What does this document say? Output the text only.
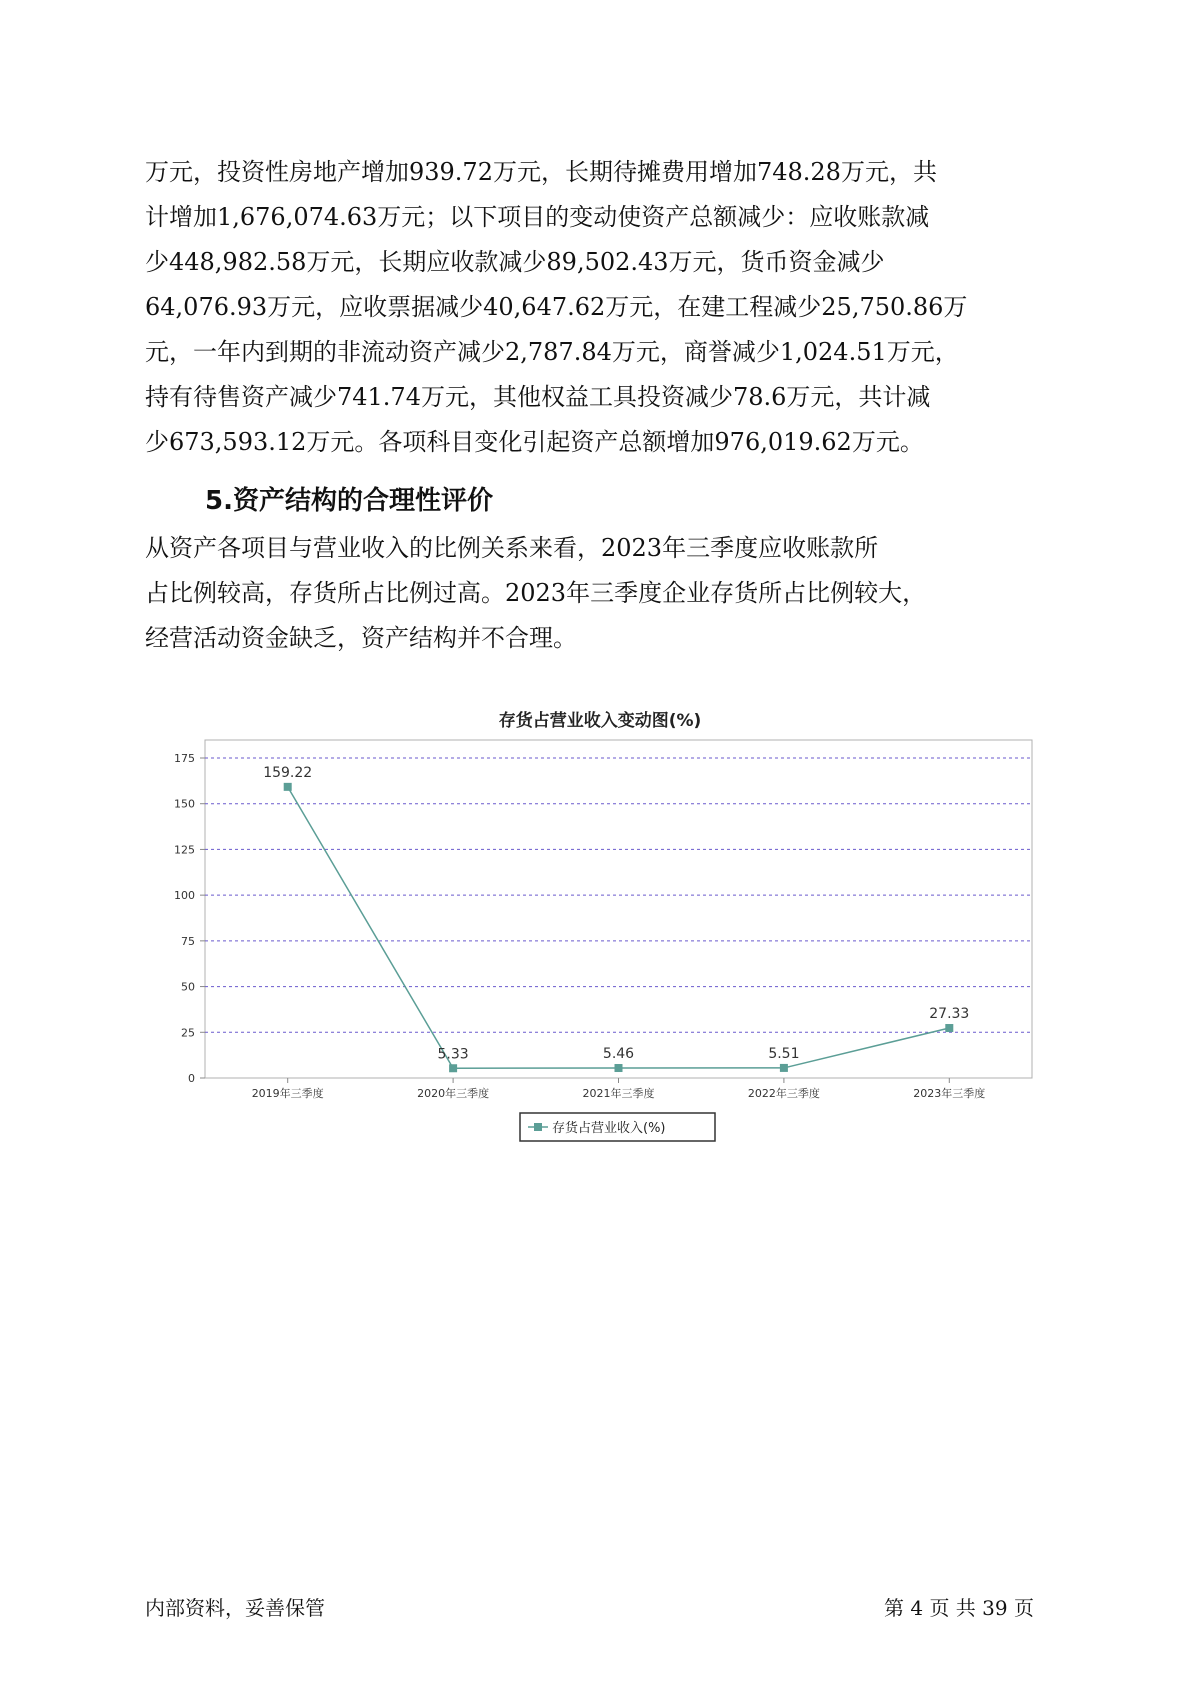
万元，投资性房地产增加939.72万元，长期待摊费用增加748.28万元，共
计增加1,676,074.63万元；以下项目的变动使资产总额减少：应收账款减
少448,982.58万元，长期应收款减少89,502.43万元，货币资金减少
64,076.93万元，应收票据减少40,647.62万元，在建工程减少25,750.86万
元，一年内到期的非流动资产减少2,787.84万元，商誉减少1,024.51万元，
持有待售资产减少741.74万元，其他权益工具投资减少78.6万元，共计减
少673,593.12万元。各项科目变化引起资产总额增加976,019.62万元。
5.资产结构的合理性评价
从资产各项目与营业收入的比例关系来看，2023年三季度应收账款所
占比例较高，存货所占比例过高。2023年三季度企业存货所占比例较大，
经营活动资金缺乏，资产结构并不合理。
存货占营业收入变动图(%)
0
25
50
75
100
125
150
175
2019年三季度	2020年三季度	2021年三季度	2022年三季度	2023年三季度
159.22
5.33	5.46	5.51
27.33
存货占营业收入(%)
内部资料，妥善保管	第 4 页 共 39 页
